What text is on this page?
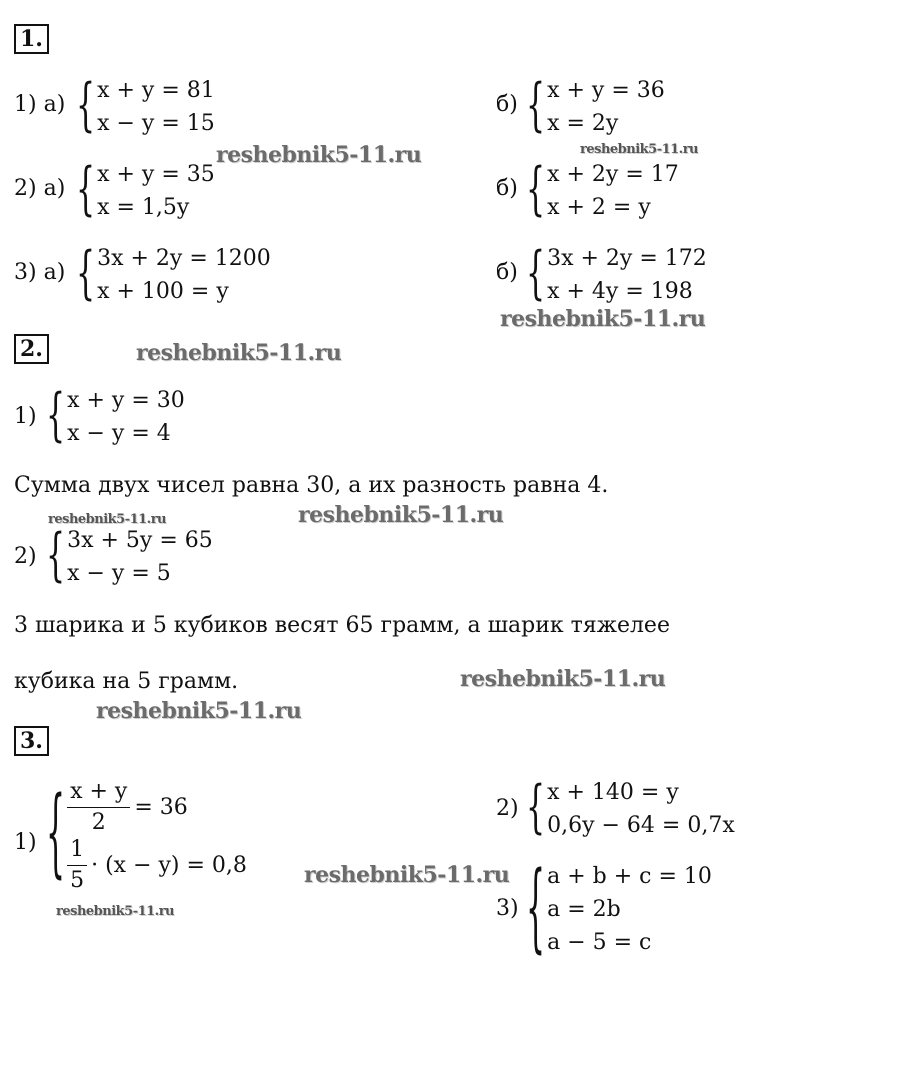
1.
1) а) { x + y = 81
x − y = 15
б) { x + y = 36
x = 2y
2) а) { x + y = 35
x = 1,5y
б) { x + 2y = 17
x + 2 = y
3) а) { 3x + 2y = 1200
x + 100 = y
б) { 3x + 2y = 172
x + 4y = 198
2.
1) { x + y = 30
x − y = 4
Сумма двух чисел равна 30, а их разность равна 4.
2) { 3x + 5y = 65
x − y = 5
3 шарика и 5 кубиков весят 65 грамм, а шарик тяжелее
кубика на 5 грамм.
3.
1) { $\frac{x + y}{2} = 36$
$\frac{1}{5} \cdot (x - y) = 0,8$
2) { x + 140 = y
0,6y − 64 = 0,7x
3) { a + b + c = 10
a = 2b
a − 5 = c
reshebnik5-11.ru	reshebnik5-11.ru
reshebnik5-11.ru
reshebnik5-11.ru
reshebnik5-11.ru	reshebnik5-11.ru
reshebnik5-11.ru
reshebnik5-11.ru
reshebnik5-11.ru
reshebnik5-11.ru
